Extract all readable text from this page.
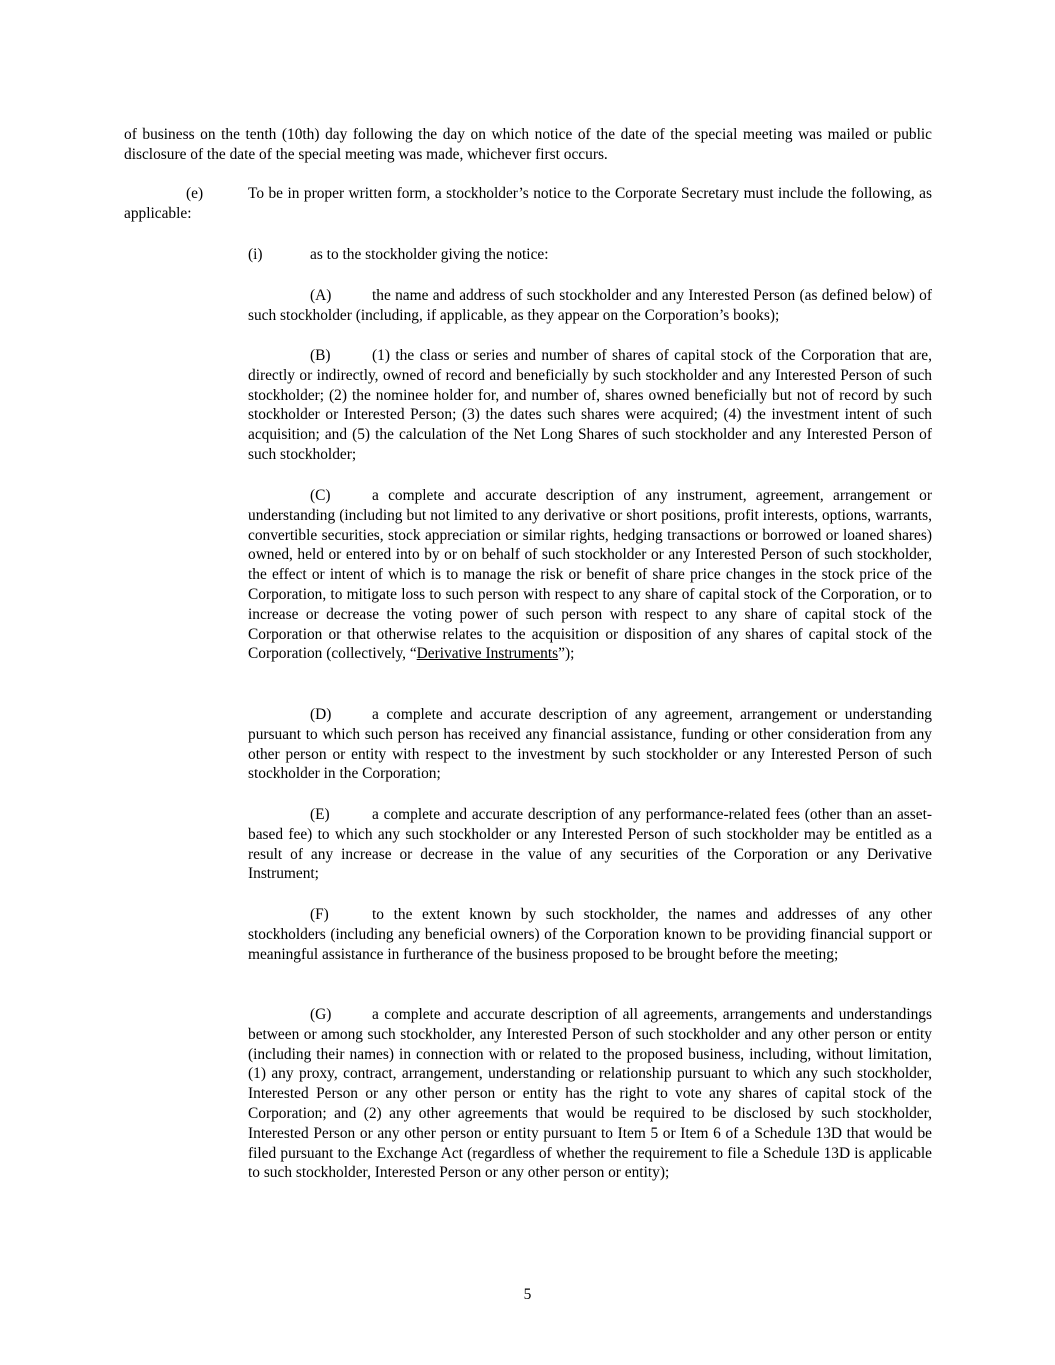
of business on the tenth (10th) day following the day on which notice of the date of the special meeting was mailed or public disclosure of the date of the special meeting was made, whichever first occurs.

(e)	To be in proper written form, a stockholder’s notice to the Corporate Secretary must include the following, as applicable:

(i)	as to the stockholder giving the notice:

(A)	the name and address of such stockholder and any Interested Person (as defined below) of such stockholder (including, if applicable, as they appear on the Corporation’s books);

(B)	(1) the class or series and number of shares of capital stock of the Corporation that are, directly or indirectly, owned of record and beneficially by such stockholder and any Interested Person of such stockholder; (2) the nominee holder for, and number of, shares owned beneficially but not of record by such stockholder or Interested Person; (3) the dates such shares were acquired; (4) the investment intent of such acquisition; and (5) the calculation of the Net Long Shares of such stockholder and any Interested Person of such stockholder;

(C)	a complete and accurate description of any instrument, agreement, arrangement or understanding (including but not limited to any derivative or short positions, profit interests, options, warrants, convertible securities, stock appreciation or similar rights, hedging transactions or borrowed or loaned shares) owned, held or entered into by or on behalf of such stockholder or any Interested Person of such stockholder, the effect or intent of which is to manage the risk or benefit of share price changes in the stock price of the Corporation, to mitigate loss to such person with respect to any share of capital stock of the Corporation, or to increase or decrease the voting power of such person with respect to any share of capital stock of the Corporation or that otherwise relates to the acquisition or disposition of any shares of capital stock of the Corporation (collectively, “Derivative Instruments”);

(D)	a complete and accurate description of any agreement, arrangement or understanding pursuant to which such person has received any financial assistance, funding or other consideration from any other person or entity with respect to the investment by such stockholder or any Interested Person of such stockholder in the Corporation;

(E)	a complete and accurate description of any performance-related fees (other than an asset-based fee) to which any such stockholder or any Interested Person of such stockholder may be entitled as a result of any increase or decrease in the value of any securities of the Corporation or any Derivative Instrument;

(F)	to the extent known by such stockholder, the names and addresses of any other stockholders (including any beneficial owners) of the Corporation known to be providing financial support or meaningful assistance in furtherance of the business proposed to be brought before the meeting;

(G)	a complete and accurate description of all agreements, arrangements and understandings between or among such stockholder, any Interested Person of such stockholder and any other person or entity (including their names) in connection with or related to the proposed business, including, without limitation, (1) any proxy, contract, arrangement, understanding or relationship pursuant to which any such stockholder, Interested Person or any other person or entity has the right to vote any shares of capital stock of the Corporation; and (2) any other agreements that would be required to be disclosed by such stockholder, Interested Person or any other person or entity pursuant to Item 5 or Item 6 of a Schedule 13D that would be filed pursuant to the Exchange Act (regardless of whether the requirement to file a Schedule 13D is applicable to such stockholder, Interested Person or any other person or entity);

5
